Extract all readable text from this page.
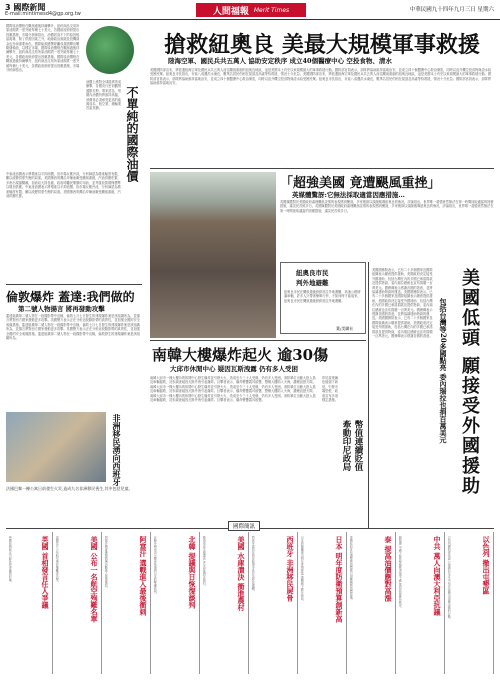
3 國際新聞
E-mail:mintimesd4@gp.org.tw	人間福報 Merit Times	中華民國九十四年九月三日 星期六
國際原油價格在颶風過後持續攀升，紐約商品交易所原油期貨一度突破每桶七十美元，各國政府紛紛提出因應措施，市場分析師指出，油價居高不下的原因相當複雜，除了供需因素之外，地緣政治風險及投機資金也扮演重要角色。國際能源總署呼籲成員國釋出戰略儲備油，以穩定市場，國際原油價格在颶風過後持續攀升，紐約商品交易所原油期貨一度突破每桶七十美元，各國政府紛紛提出因應措施。國際原油價格在颶風過後持續攀升，紐約商品交易所原油期貨一度突破每桶七十美元，各國政府紛紛提出因應措施，市場分析師指出。
油價上漲對全球經濟造成衝擊，各國央行密切觀察通膨走勢，專家認為，短期內油價仍將維持高檔，消費者必須承受更高的能源成本，航空業、運輸業首當其衝。	不單純的國際油價
中東產油國表示將增產以平抑油價，但市場反應冷淡，分析師認為增產幅度有限，難以改變供需失衡的局面。美國墨西哥灣沿岸煉油廠受颶風重創，汽油供應吃緊，多州出現搶購潮，加油站大排長龍，政府呼籲民眾節約用油，並考慮放寬環保標準以增加供應。中東產油國表示將增產以平抑油價，但市場反應冷淡，分析師認為增產幅度有限，難以改變供需失衡的局面。美國墨西哥灣沿岸煉油廠受颶風重創，汽油供應吃緊。
倫敦爆炸 蓋達:我們做的
第二號人物揚言 將再發動攻擊
蓋達組織第二號人物在一段錄影帶中宣稱，倫敦七月七日發生的連環爆炸案是該組織所為，並揚言將對西方國家發動更多攻擊。英國警方表示正在分析這段錄影帶的真實性，並加強全國的安全戒備措施。蓋達組織第二號人物在一段錄影帶中宣稱，倫敦七月七日發生的連環爆炸案是該組織所為，並揚言將對西方國家發動更多攻擊。英國警方表示正在分析這段錄影帶的真實性，並加強全國的安全戒備措施。蓋達組織第二號人物在一段錄影帶中宣稱，倫敦發生的連環爆炸案是該組織所為。
非洲移民湧向西班牙
法國巴黎一棟公寓日前發生火災,造成九名非洲移民喪生,其中包括兒童。
搶救紐奧良 美最大規模軍事救援
陸海空軍、國民兵共五萬人 協助安定秩序 成立40個醫療中心 空投食物、清水
美國國防部宣布，將派遣陸海空軍及國民兵共五萬人前往颶風重創的紐奧良地區，這是美國本土有史以來規模最大的軍事救援行動。國防部官員表示，部隊將協助維持當地治安，並成立四十個醫療中心救治傷患，同時以直升機空投食物與清水給受困民眾。紐奧良市長指出，市區八成遭洪水淹沒，數萬名居民仍困在屋頂及高處等待救援，情況十分危急。美國國防部宣布，將派遣陸海空軍及國民兵共五萬人前往颶風重創的紐奧良地區，這是美國本土有史以來規模最大的軍事救援行動。國防部官員表示，部隊將協助維持當地治安，並成立四十個醫療中心救治傷患，同時以直升機空投食物與清水給受困民眾。紐奧良市長指出，市區八成遭洪水淹沒，數萬名居民仍困在屋頂及高處等待救援，情況十分危急。國防部官員表示，部隊將協助維持當地治安。
「超強美國 竟遭颶風重挫」
英媒體驚訝:它無法採取適當因應措施…
英國媒體對於美國政府處理颶風災情的表現感到驚訝，多家報紙以頭版報導紐奧良的慘況，評論指出，世界唯一超強竟然無法在第一時間採取適當的因應措施，讓災民苦候多日。英國媒體對於美國政府處理颶風災情的表現感到驚訝，多家報紙以頭版報導紐奧良的慘況，評論指出，世界唯一超強竟然無法在第一時間採取適當的因應措施，讓災民苦候多日。
紐奧良市民
判外地避難
紐奧良市民在颶風過後紛紛逃往外地避難，高速公路擠滿車輛，許多人只帶著簡單行李，不知何時才能返家。紐奧良市民在颶風過後紛紛逃往外地避難。
葉/美聯社	美國低頭 願接受外國援助
包括台灣等20多國點亮 委內瑞拉也捐百萬美元
美國國務院表示，已有二十多個國家及國際組織表示願意提供援助，美國政府決定接受外國援助，包括台灣在內的多國已承諾捐款及提供物資，委內瑞拉總統也宣布捐贈一百萬美元。國務卿表示感謝各國的善意，並將協調援助物資的運送。美國國務院表示，已有二十多個國家及國際組織表示願意提供援助，美國政府決定接受外國援助，包括台灣在內的多國已承諾捐款及提供物資，委內瑞拉總統也宣布捐贈一百萬美元。國務卿表示感謝各國的善意，並將協調援助物資的運送。美國國務院表示，已有二十多個國家及國際組織表示願意提供援助，美國政府決定接受外國援助，包括台灣在內的多國已承諾捐款及提供物資，委內瑞拉總統也宣布捐贈一百萬美元。國務卿表示感謝各國的善意。
南韓大樓爆炸起火 逾30傷
大邱市休閒中心 疑因瓦斯洩露 仍有多人受困
南韓大邱市一棟大樓內的休閒中心發生爆炸並引發大火，造成至少三十人受傷，仍有多人受困。消防單位出動大批人員及車輛搶救，初步調查疑因瓦斯外洩引起爆炸。目擊者表示，爆炸聲響震耳欲聾，整棟大樓陷入火海，濃煙直竄天際。南韓大邱市一棟大樓內的休閒中心發生爆炸並引發大火，造成至少三十人受傷，仍有多人受困。消防單位出動大批人員及車輛搶救，初步調查疑因瓦斯外洩引起爆炸。目擊者表示，爆炸聲響震耳欲聾，整棟大樓陷入火海，濃煙直竄天際。南韓大邱市一棟大樓內的休閒中心發生爆炸並引發大火，造成至少三十人受傷，仍有多人受困。消防單位出動大批人員及車輛搶救，初步調查疑因瓦斯外洩引起爆炸。目擊者表示，爆炸聲響震耳欲聾。
幣值連續貶值
牽動印尼政局
印尼盾連續貶值創下新低，引發市場恐慌，政府宣布多項穩定措施。
國際簡訊
以色列 撤出屯墾區
以色列國防部長說,以軍將於本月中旬完成撤出加薩走廊的行動。
中共 萬人向澳大利亞抗議
據報導,中國大陸民眾聚集表達不滿,當局派員維持秩序。
泰 提高油價應對高漲
泰國政府宣布調整燃油價格以因應國際油價高漲。
日本 明年度防衛預算創新高
日本防衛廳提出明年度預算案,總額創下歷年新高。
西班牙 非洲移民屍骨
西班牙當局在海岸發現多具非法移民遺體。
美國 水庫潰決 衝進農村
暴雨造成水庫潰決,洪水沖進附近農村。
北韓 提議與日恢復談判
北韓外務省表示願意恢復與日本的雙邊談判。
阿富汗 選戰進入最後衝刺
阿富汗國會選舉競選活動進入最後階段。
美國 公布一名航空殉難名單
美國官方公布航空事故罹難者名單。
英國 首相發言任人爭議
英國首相發言引發各界爭議與討論。
